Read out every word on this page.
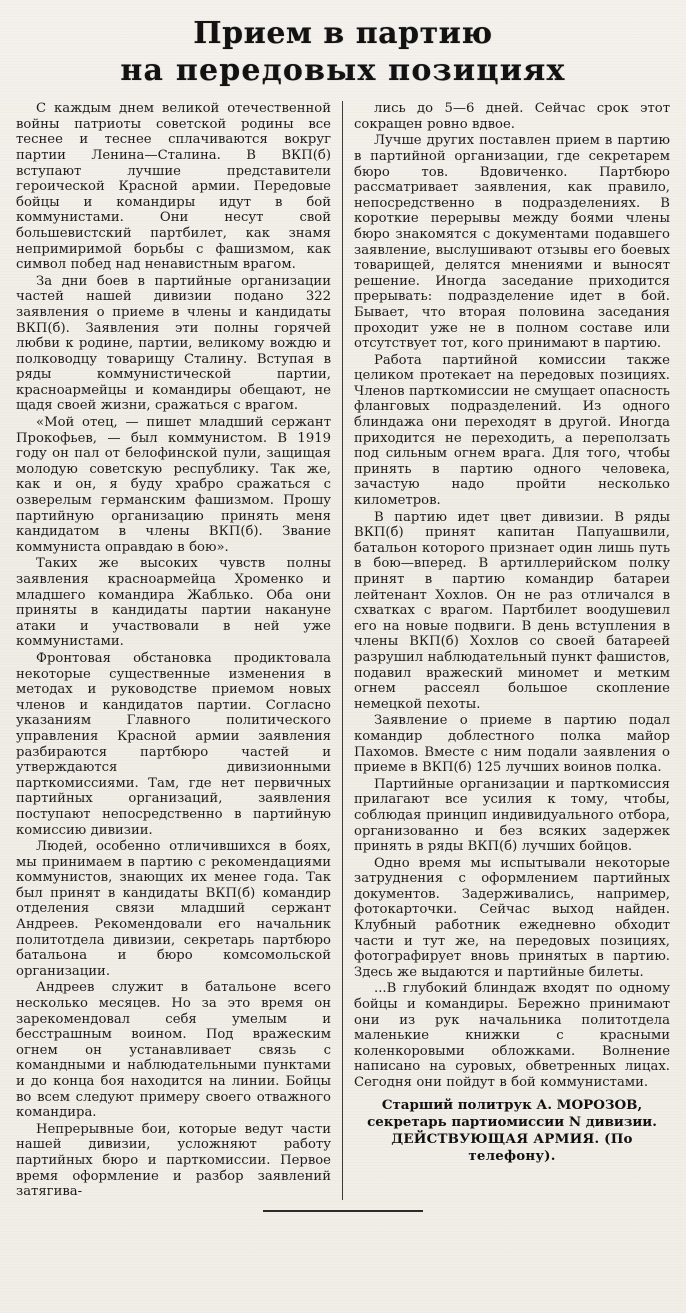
Прием в партию
на передовых позициях

С каждым днем великой отечественной войны патриоты советской родины все теснее и теснее сплачиваются вокруг партии Ленина—Сталина. В ВКП(б) вступают лучшие представители героической Красной армии. Передовые бойцы и командиры идут в бой коммунистами. Они несут свой большевистский партбилет, как знамя непримиримой борьбы с фашизмом, как символ побед над ненавистным врагом.

За дни боев в партийные организации частей нашей дивизии подано 322 заявления о приеме в члены и кандидаты ВКП(б). Заявления эти полны горячей любви к родине, партии, великому вождю и полководцу товарищу Сталину. Вступая в ряды коммунистической партии, красноармейцы и командиры обещают, не щадя своей жизни, сражаться с врагом.

«Мой отец, — пишет младший сержант Прокофьев, — был коммунистом. В 1919 году он пал от белофинской пули, защищая молодую советскую республику. Так же, как и он, я буду храбро сражаться с озверелым германским фашизмом. Прошу партийную организацию принять меня кандидатом в члены ВКП(б). Звание коммуниста оправдаю в бою».

Таких же высоких чувств полны заявления красноармейца Хроменко и младшего командира Жаблько. Оба они приняты в кандидаты партии накануне атаки и участвовали в ней уже коммунистами.

Фронтовая обстановка продиктовала некоторые существенные изменения в методах и руководстве приемом новых членов и кандидатов партии. Согласно указаниям Главного политического управления Красной армии заявления разбираются партбюро частей и утверждаются дивизионными парткомиссиями. Там, где нет первичных партийных организаций, заявления поступают непосредственно в партийную комиссию дивизии.

Людей, особенно отличившихся в боях, мы принимаем в партию с рекомендациями коммунистов, знающих их менее года. Так был принят в кандидаты ВКП(б) командир отделения связи младший сержант Андреев. Рекомендовали его начальник политотдела дивизии, секретарь партбюро батальона и бюро комсомольской организации.

Андреев служит в батальоне всего несколько месяцев. Но за это время он зарекомендовал себя умелым и бесстрашным воином. Под вражеским огнем он устанавливает связь с командными и наблюдательными пунктами и до конца боя находится на линии. Бойцы во всем следуют примеру своего отважного командира.

Непрерывные бои, которые ведут части нашей дивизии, усложняют работу партийных бюро и парткомиссии. Первое время оформление и разбор заявлений затягива-

лись до 5—6 дней. Сейчас срок этот сокращен ровно вдвое.

Лучше других поставлен прием в партию в партийной организации, где секретарем бюро тов. Вдовиченко. Партбюро рассматривает заявления, как правило, непосредственно в подразделениях. В короткие перерывы между боями члены бюро знакомятся с документами подавшего заявление, выслушивают отзывы его боевых товарищей, делятся мнениями и выносят решение. Иногда заседание приходится прерывать: подразделение идет в бой. Бывает, что вторая половина заседания проходит уже не в полном составе или отсутствует тот, кого принимают в партию.

Работа партийной комиссии также целиком протекает на передовых позициях. Членов парткомиссии не смущает опасность фланговых подразделений. Из одного блиндажа они переходят в другой. Иногда приходится не переходить, а переползать под сильным огнем врага. Для того, чтобы принять в партию одного человека, зачастую надо пройти несколько километров.

В партию идет цвет дивизии. В ряды ВКП(б) принят капитан Папуашвили, батальон которого признает один лишь путь в бою—вперед. В артиллерийском полку принят в партию командир батареи лейтенант Хохлов. Он не раз отличался в схватках с врагом. Партбилет воодушевил его на новые подвиги. В день вступления в члены ВКП(б) Хохлов со своей батареей разрушил наблюдательный пункт фашистов, подавил вражеский миномет и метким огнем рассеял большое скопление немецкой пехоты.

Заявление о приеме в партию подал командир доблестного полка майор Пахомов. Вместе с ним подали заявления о приеме в ВКП(б) 125 лучших воинов полка.

Партийные организации и парткомиссия прилагают все усилия к тому, чтобы, соблюдая принцип индивидуального отбора, организованно и без всяких задержек принять в ряды ВКП(б) лучших бойцов.

Одно время мы испытывали некоторые затруднения с оформлением партийных документов. Задерживались, например, фотокарточки. Сейчас выход найден. Клубный работник ежедневно обходит части и тут же, на передовых позициях, фотографирует вновь принятых в партию. Здесь же выдаются и партийные билеты.

...В глубокий блиндаж входят по одному бойцы и командиры. Бережно принимают они из рук начальника политотдела маленькие книжки с красными коленкоровыми обложками. Волнение написано на суровых, обветренных лицах. Сегодня они пойдут в бой коммунистами.

Старший политрук А. МОРОЗОВ,
секретарь партиомиссии N дивизии.
ДЕЙСТВУЮЩАЯ АРМИЯ. (По телефону).
